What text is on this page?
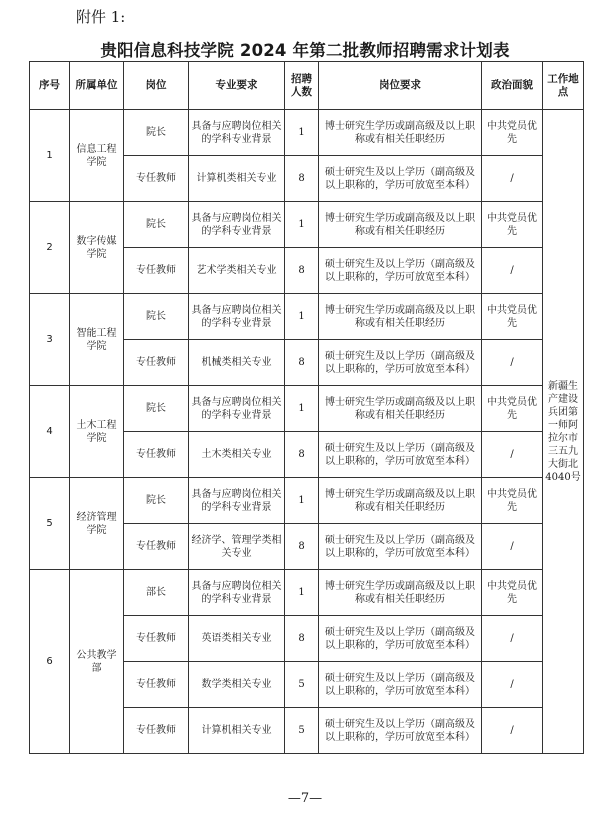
附件 1:
贵阳信息科技学院 2024 年第二批教师招聘需求计划表
序号	所属单位	岗位	专业要求	招聘人数	岗位要求	政治面貌	工作地点
1	信息工程学院	院长	具备与应聘岗位相关的学科专业背景	1	博士研究生学历或副高级及以上职称或有相关任职经历	中共党员优先	新疆生产建设兵团第一师阿拉尔市三五九大街北4040号
		专任教师	计算机类相关专业	8	硕士研究生及以上学历（副高级及以上职称的，学历可放宽至本科）	/	
2	数字传媒学院	院长	具备与应聘岗位相关的学科专业背景	1	博士研究生学历或副高级及以上职称或有相关任职经历	中共党员优先	
		专任教师	艺术学类相关专业	8	硕士研究生及以上学历（副高级及以上职称的，学历可放宽至本科）	/	
3	智能工程学院	院长	具备与应聘岗位相关的学科专业背景	1	博士研究生学历或副高级及以上职称或有相关任职经历	中共党员优先	
		专任教师	机械类相关专业	8	硕士研究生及以上学历（副高级及以上职称的，学历可放宽至本科）	/	
4	土木工程学院	院长	具备与应聘岗位相关的学科专业背景	1	博士研究生学历或副高级及以上职称或有相关任职经历	中共党员优先	
		专任教师	土木类相关专业	8	硕士研究生及以上学历（副高级及以上职称的，学历可放宽至本科）	/	
5	经济管理学院	院长	具备与应聘岗位相关的学科专业背景	1	博士研究生学历或副高级及以上职称或有相关任职经历	中共党员优先	
		专任教师	经济学、管理学类相关专业	8	硕士研究生及以上学历（副高级及以上职称的，学历可放宽至本科）	/	
6	公共教学部	部长	具备与应聘岗位相关的学科专业背景	1	博士研究生学历或副高级及以上职称或有相关任职经历	中共党员优先	
		专任教师	英语类相关专业	8	硕士研究生及以上学历（副高级及以上职称的，学历可放宽至本科）	/	
		专任教师	数学类相关专业	5	硕士研究生及以上学历（副高级及以上职称的，学历可放宽至本科）	/	
		专任教师	计算机相关专业	5	硕士研究生及以上学历（副高级及以上职称的，学历可放宽至本科）	/	
—7—
